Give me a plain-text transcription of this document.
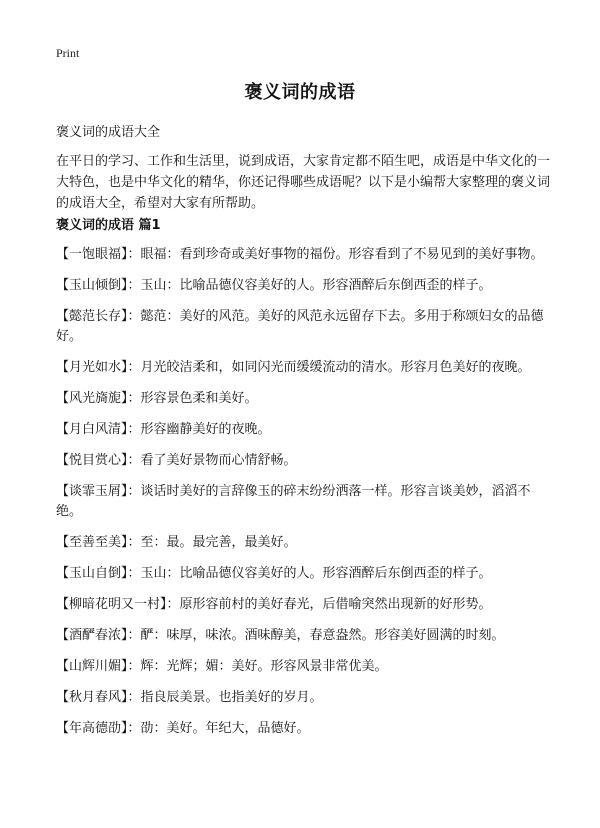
Print
褒义词的成语
褒义词的成语大全
在平日的学习、工作和生活里，说到成语，大家肯定都不陌生吧，成语是中华文化的一大特色，也是中华文化的精华，你还记得哪些成语呢？以下是小编帮大家整理的褒义词的成语大全，希望对大家有所帮助。
褒义词的成语 篇1
【一饱眼福】：眼福：看到珍奇或美好事物的福份。形容看到了不易见到的美好事物。
【玉山倾倒】：玉山：比喻品德仪容美好的人。形容酒醉后东倒西歪的样子。
【懿范长存】：懿范：美好的风范。美好的风范永远留存下去。多用于称颂妇女的品德好。
【月光如水】：月光皎洁柔和，如同闪光而缓缓流动的清水。形容月色美好的夜晚。
【风光旖旎】：形容景色柔和美好。
【月白风清】：形容幽静美好的夜晚。
【悦目赏心】：看了美好景物而心情舒畅。
【谈霏玉屑】：谈话时美好的言辞像玉的碎末纷纷洒落一样。形容言谈美妙，滔滔不绝。
【至善至美】：至：最。最完善，最美好。
【玉山自倒】：玉山：比喻品德仪容美好的人。形容酒醉后东倒西歪的样子。
【柳暗花明又一村】：原形容前村的美好春光，后借喻突然出现新的好形势。
【酒酽春浓】：酽：味厚，味浓。酒味醇美，春意盎然。形容美好圆满的时刻。
【山辉川媚】：辉：光辉；媚：美好。形容风景非常优美。
【秋月春风】：指良辰美景。也指美好的岁月。
【年高德劭】：劭：美好。年纪大，品德好。
